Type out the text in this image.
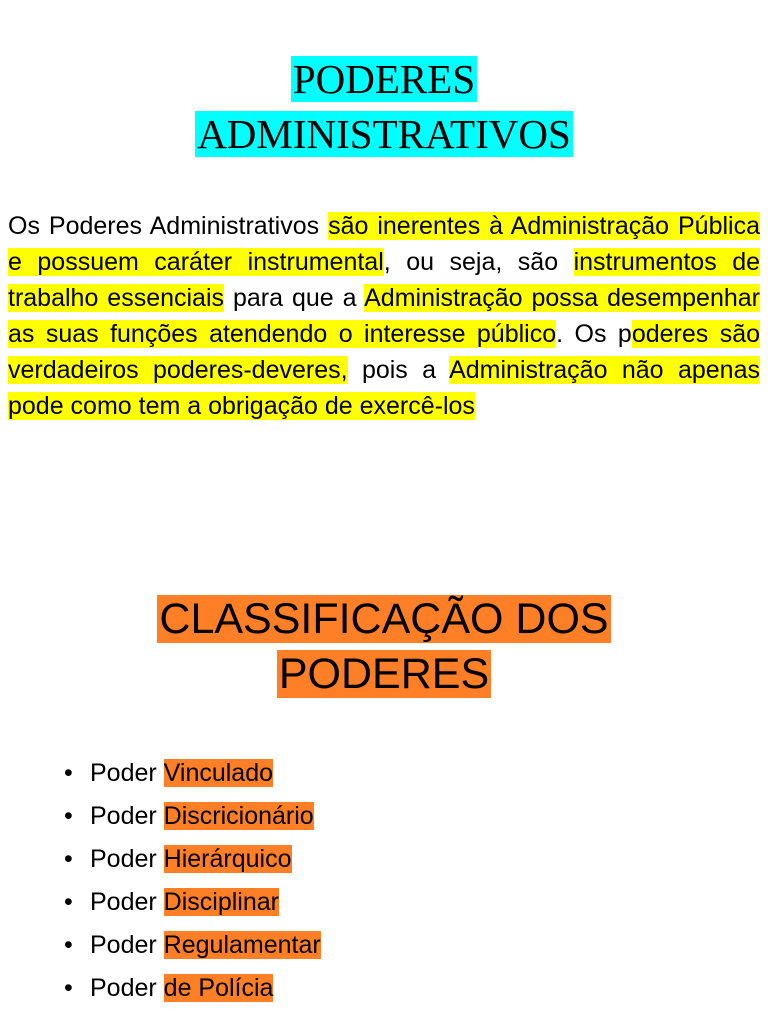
PODERES
ADMINISTRATIVOS

Os Poderes Administrativos são inerentes à Administração Pública e possuem caráter instrumental, ou seja, são instrumentos de trabalho essenciais para que a Administração possa desempenhar as suas funções atendendo o interesse público. Os poderes são verdadeiros poderes-deveres, pois a Administração não apenas pode como tem a obrigação de exercê-los

CLASSIFICAÇÃO DOS
PODERES
• Poder Vinculado
• Poder Discricionário
• Poder Hierárquico
• Poder Disciplinar
• Poder Regulamentar
• Poder de Polícia
